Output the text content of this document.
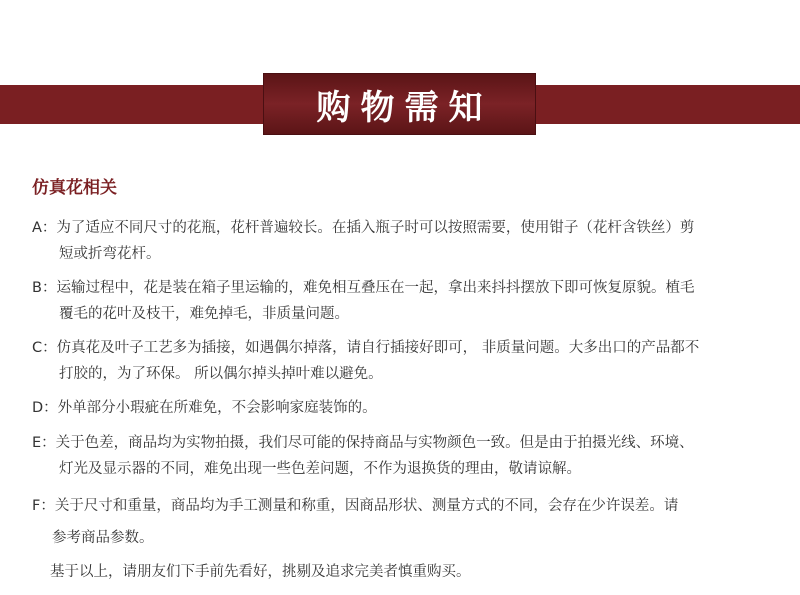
购物需知
仿真花相关
A：为了适应不同尺寸的花瓶，花杆普遍较长。在插入瓶子时可以按照需要，使用钳子（花杆含铁丝）剪
短或折弯花杆。
B：运输过程中，花是装在箱子里运输的，难免相互叠压在一起，拿出来抖抖摆放下即可恢复原貌。植毛
覆毛的花叶及枝干，难免掉毛，非质量问题。
C：仿真花及叶子工艺多为插接，如遇偶尔掉落，请自行插接好即可， 非质量问题。大多出口的产品都不
打胶的，为了环保。 所以偶尔掉头掉叶难以避免。
D：外单部分小瑕疵在所难免，不会影响家庭装饰的。
E：关于色差，商品均为实物拍摄，我们尽可能的保持商品与实物颜色一致。但是由于拍摄光线、环境、
灯光及显示器的不同，难免出现一些色差问题，不作为退换货的理由，敬请谅解。
F：关于尺寸和重量，商品均为手工测量和称重，因商品形状、测量方式的不同，会存在少许误差。请
参考商品参数。
基于以上，请朋友们下手前先看好，挑剔及追求完美者慎重购买。
